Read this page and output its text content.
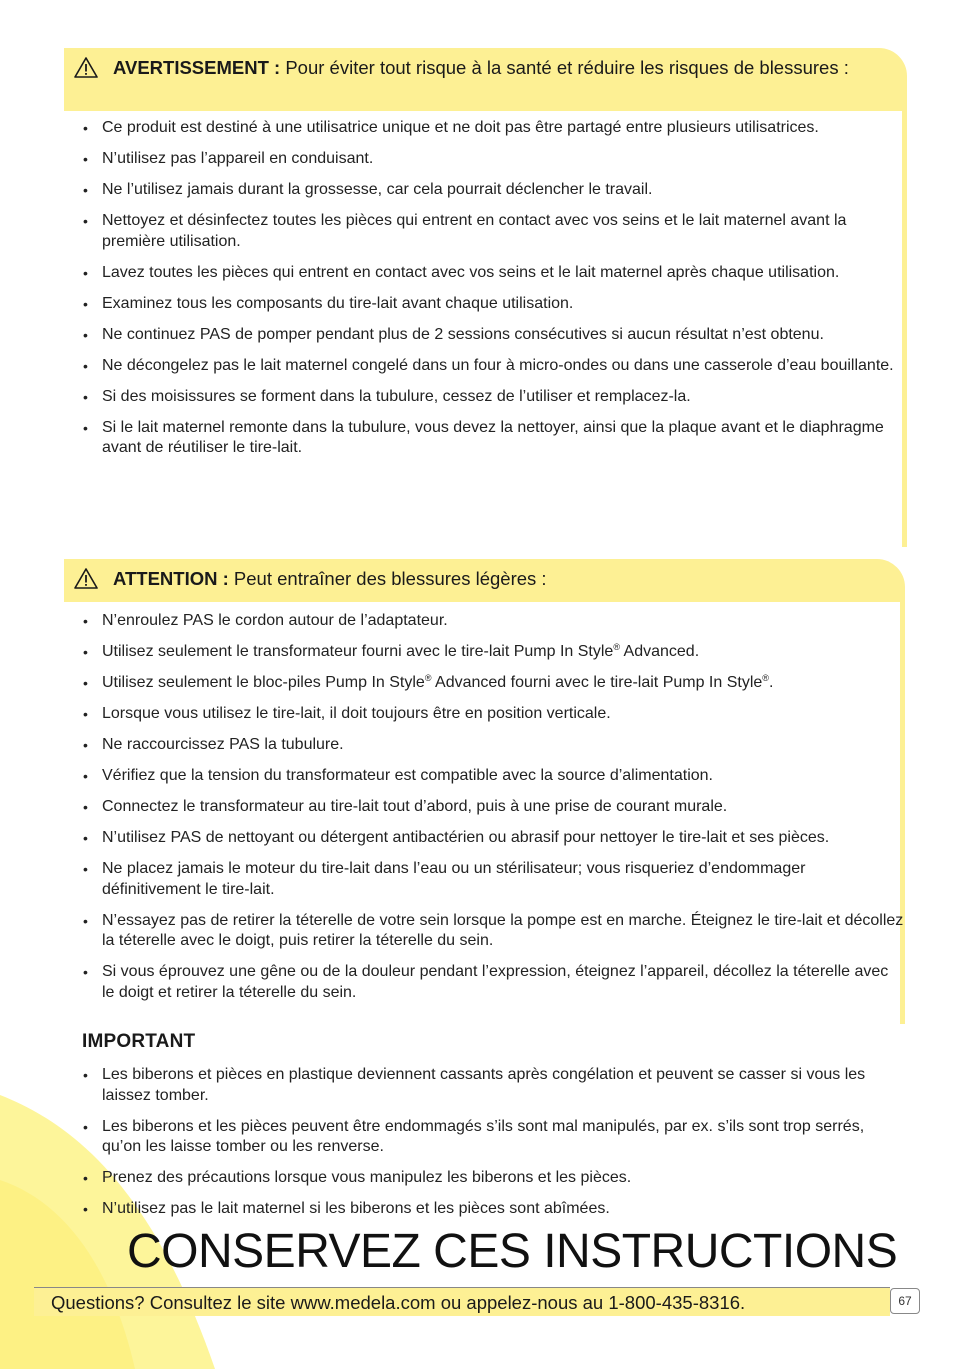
AVERTISSEMENT : Pour éviter tout risque à la santé et réduire les risques de blessures :
• Ce produit est destiné à une utilisatrice unique et ne doit pas être partagé entre plusieurs utilisatrices.
• N’utilisez pas l’appareil en conduisant.
• Ne l’utilisez jamais durant la grossesse, car cela pourrait déclencher le travail.
• Nettoyez et désinfectez toutes les pièces qui entrent en contact avec vos seins et le lait maternel avant la première utilisation.
• Lavez toutes les pièces qui entrent en contact avec vos seins et le lait maternel après chaque utilisation.
• Examinez tous les composants du tire-lait avant chaque utilisation.
• Ne continuez PAS de pomper pendant plus de 2 sessions consécutives si aucun résultat n’est obtenu.
• Ne décongelez pas le lait maternel congelé dans un four à micro-ondes ou dans une casserole d’eau bouillante.
• Si des moisissures se forment dans la tubulure, cessez de l’utiliser et remplacez-la.
• Si le lait maternel remonte dans la tubulure, vous devez la nettoyer, ainsi que la plaque avant et le diaphragme avant de réutiliser le tire-lait.
ATTENTION : Peut entraîner des blessures légères :
• N’enroulez PAS le cordon autour de l’adaptateur.
• Utilisez seulement le transformateur fourni avec le tire-lait Pump In Style® Advanced.
• Utilisez seulement le bloc-piles Pump In Style® Advanced fourni avec le tire-lait Pump In Style®.
• Lorsque vous utilisez le tire-lait, il doit toujours être en position verticale.
• Ne raccourcissez PAS la tubulure.
• Vérifiez que la tension du transformateur est compatible avec la source d’alimentation.
• Connectez le transformateur au tire-lait tout d’abord, puis à une prise de courant murale.
• N’utilisez PAS de nettoyant ou détergent antibactérien ou abrasif pour nettoyer le tire-lait et ses pièces.
• Ne placez jamais le moteur du tire-lait dans l’eau ou un stérilisateur; vous risqueriez d’endommager définitivement le tire-lait.
• N’essayez pas de retirer la téterelle de votre sein lorsque la pompe est en marche. Éteignez le tire-lait et décollez la téterelle avec le doigt, puis retirer la téterelle du sein.
• Si vous éprouvez une gêne ou de la douleur pendant l’expression, éteignez l’appareil, décollez la téterelle avec le doigt et retirer la téterelle du sein.
IMPORTANT
• Les biberons et pièces en plastique deviennent cassants après congélation et peuvent se casser si vous les laissez tomber.
• Les biberons et les pièces peuvent être endommagés s’ils sont mal manipulés, par ex. s’ils sont trop serrés, qu’on les laisse tomber ou les renverse.
• Prenez des précautions lorsque vous manipulez les biberons et les pièces.
• N’utilisez pas le lait maternel si les biberons et les pièces sont abîmées.
CONSERVEZ CES INSTRUCTIONS
Questions? Consultez le site www.medela.com ou appelez-nous au 1-800-435-8316.	67
